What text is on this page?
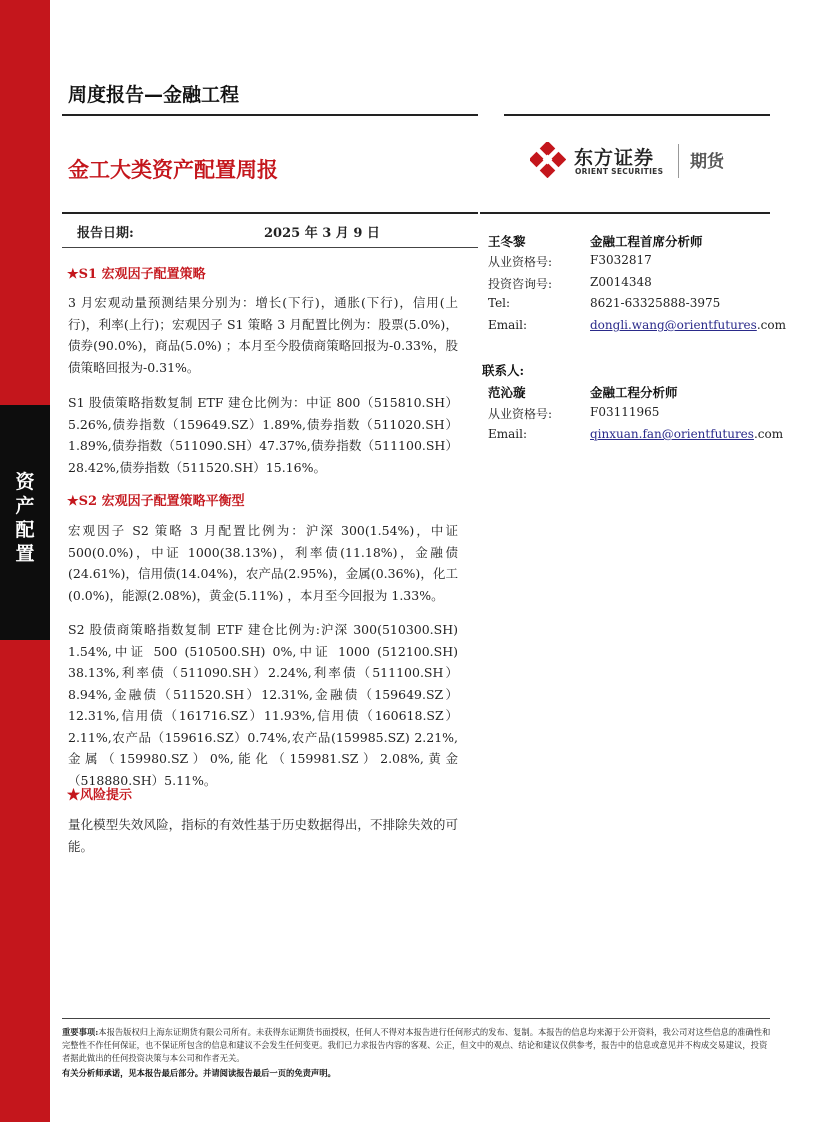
资
产
配
置
周度报告—金融工程
金工大类资产配置周报	东方证券
ORIENT SECURITIES 期货
报告日期:	2025 年 3 月 9 日
★S1 宏观因子配置策略
3 月宏观动量预测结果分别为：增长(下行)，通胀(下行)，信用(上行)，利率(上行)；宏观因子 S1 策略 3 月配置比例为：股票(5.0%)，债券(90.0%)，商品(5.0%) ；本月至今股债商策略回报为-0.33%，股债策略回报为-0.31%。
S1 股债策略指数复制 ETF 建仓比例为：中证 800（515810.SH）5.26%,债券指数（159649.SZ）1.89%,债券指数（511020.SH）1.89%,债券指数（511090.SH）47.37%,债券指数（511100.SH）28.42%,债券指数（511520.SH）15.16%。
★S2 宏观因子配置策略平衡型
宏观因子 S2 策略 3 月配置比例为：沪深 300(1.54%)，中证 500(0.0%)，中证 1000(38.13%)，利率债(11.18%)，金融债(24.61%)，信用债(14.04%)，农产品(2.95%)，金属(0.36%)，化工(0.0%)，能源(2.08%)，黄金(5.11%) ，本月至今回报为 1.33%。
S2 股债商策略指数复制 ETF 建仓比例为:沪深 300(510300.SH) 1.54%,中证 500 (510500.SH) 0%,中证 1000 (512100.SH) 38.13%,利率债（511090.SH）2.24%,利率债（511100.SH）8.94%,金融债（511520.SH）12.31%,金融债（159649.SZ）12.31%,信用债（161716.SZ）11.93%,信用债（160618.SZ）2.11%,农产品（159616.SZ）0.74%,农产品(159985.SZ) 2.21%,金属（159980.SZ）0%,能化（159981.SZ）2.08%,黄金（518880.SH）5.11%。
★风险提示
量化模型失效风险，指标的有效性基于历史数据得出，不排除失效的可能。
王冬黎	金融工程首席分析师
从业资格号:	F3032817
投资咨询号:	Z0014348
Tel:	8621-63325888-3975
Email:	dongli.wang@orientfutures.com
联系人:
范沁璇	金融工程分析师
从业资格号:	F03111965
Email:	qinxuan.fan@orientfutures.com
重要事项:本报告版权归上海东证期货有限公司所有。未获得东证期货书面授权，任何人不得对本报告进行任何形式的发布、复制。本报告的信息均来源于公开资料，我公司对这些信息的准确性和完整性不作任何保证，也不保证所包含的信息和建议不会发生任何变更。我们已力求报告内容的客观、公正，但文中的观点、结论和建议仅供参考，报告中的信息或意见并不构成交易建议，投资者据此做出的任何投资决策与本公司和作者无关。
有关分析师承诺，见本报告最后部分。并请阅读报告最后一页的免责声明。
